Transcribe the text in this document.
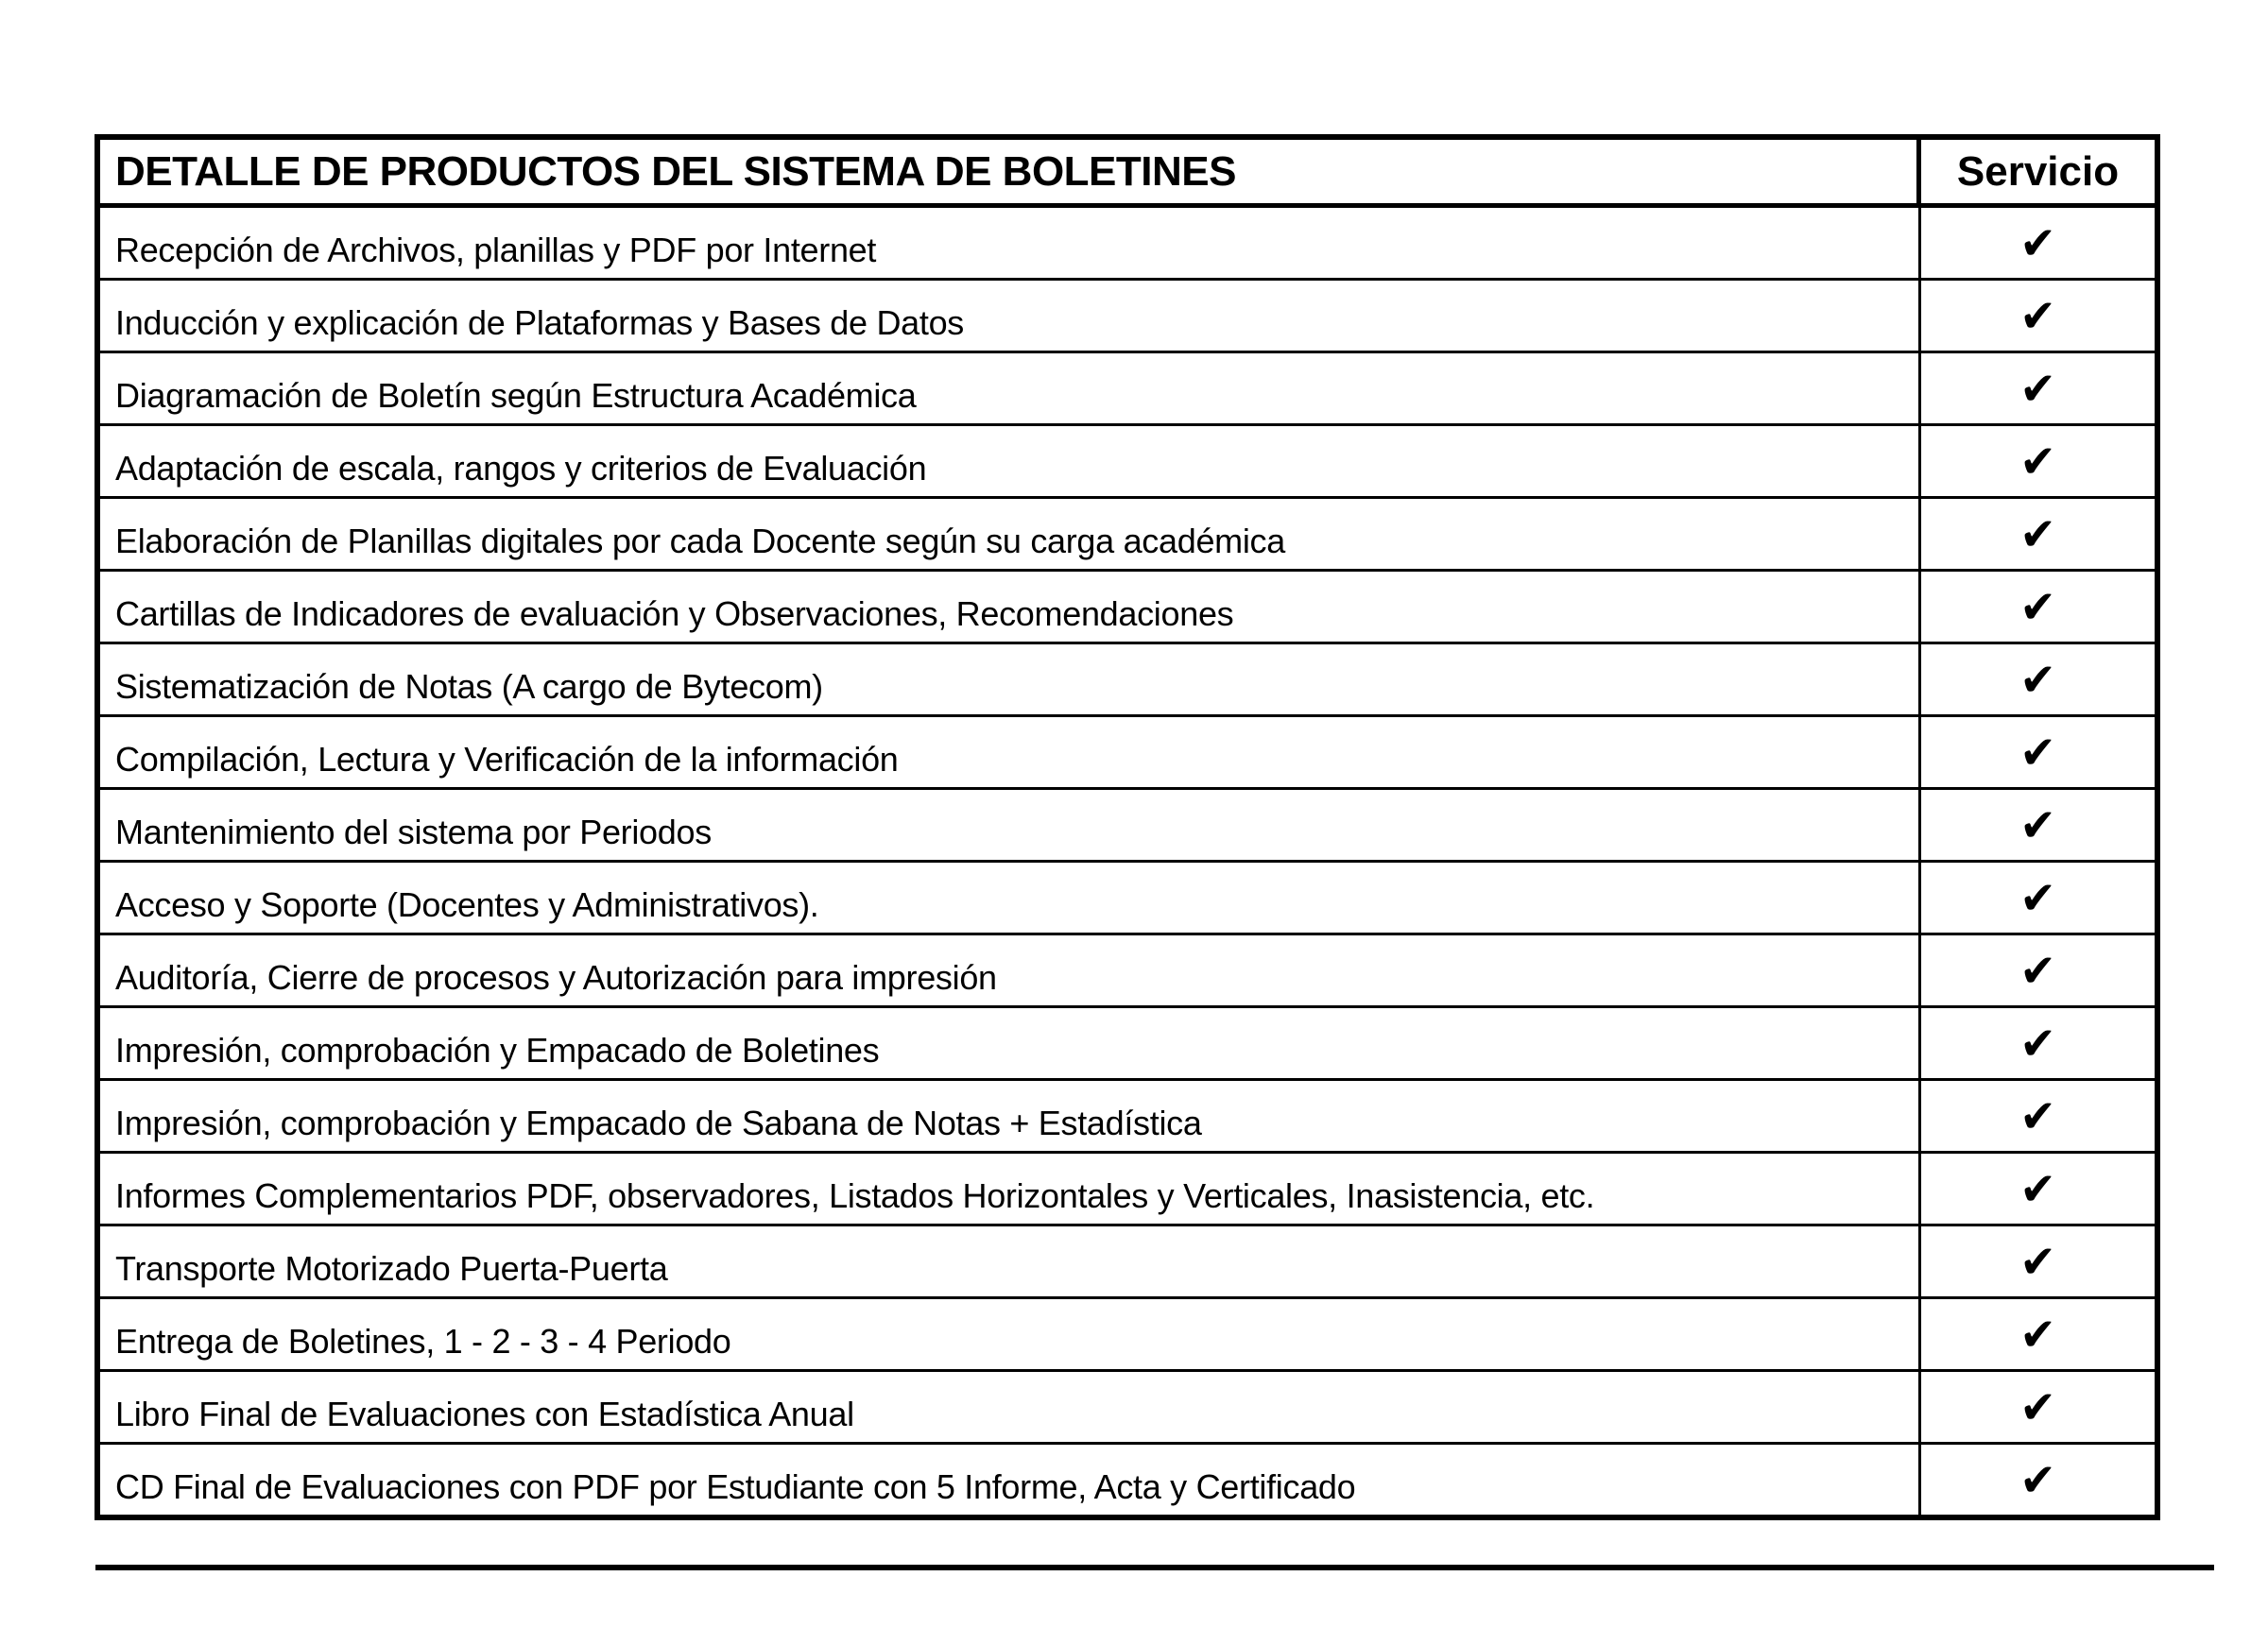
DETALLE DE PRODUCTOS DEL SISTEMA DE BOLETINES	Servicio
Recepción de Archivos, planillas y PDF por Internet	✔
Inducción y explicación de Plataformas y Bases de Datos	✔
Diagramación de Boletín según Estructura Académica	✔
Adaptación de escala, rangos y criterios de Evaluación	✔
Elaboración de Planillas digitales por cada Docente según su carga académica	✔
Cartillas de Indicadores de evaluación y Observaciones, Recomendaciones	✔
Sistematización de Notas (A cargo de Bytecom)	✔
Compilación, Lectura y Verificación de la información	✔
Mantenimiento del sistema por Periodos	✔
Acceso y Soporte (Docentes y Administrativos).	✔
Auditoría, Cierre de procesos y Autorización para impresión	✔
Impresión, comprobación y Empacado de Boletines	✔
Impresión, comprobación y Empacado de Sabana de Notas + Estadística	✔
Informes Complementarios PDF, observadores, Listados Horizontales y Verticales, Inasistencia, etc.	✔
Transporte Motorizado Puerta-Puerta	✔
Entrega de Boletines, 1 - 2 - 3 - 4 Periodo	✔
Libro Final de Evaluaciones con Estadística Anual	✔
CD Final de Evaluaciones con PDF por Estudiante con 5 Informe, Acta y Certificado	✔
